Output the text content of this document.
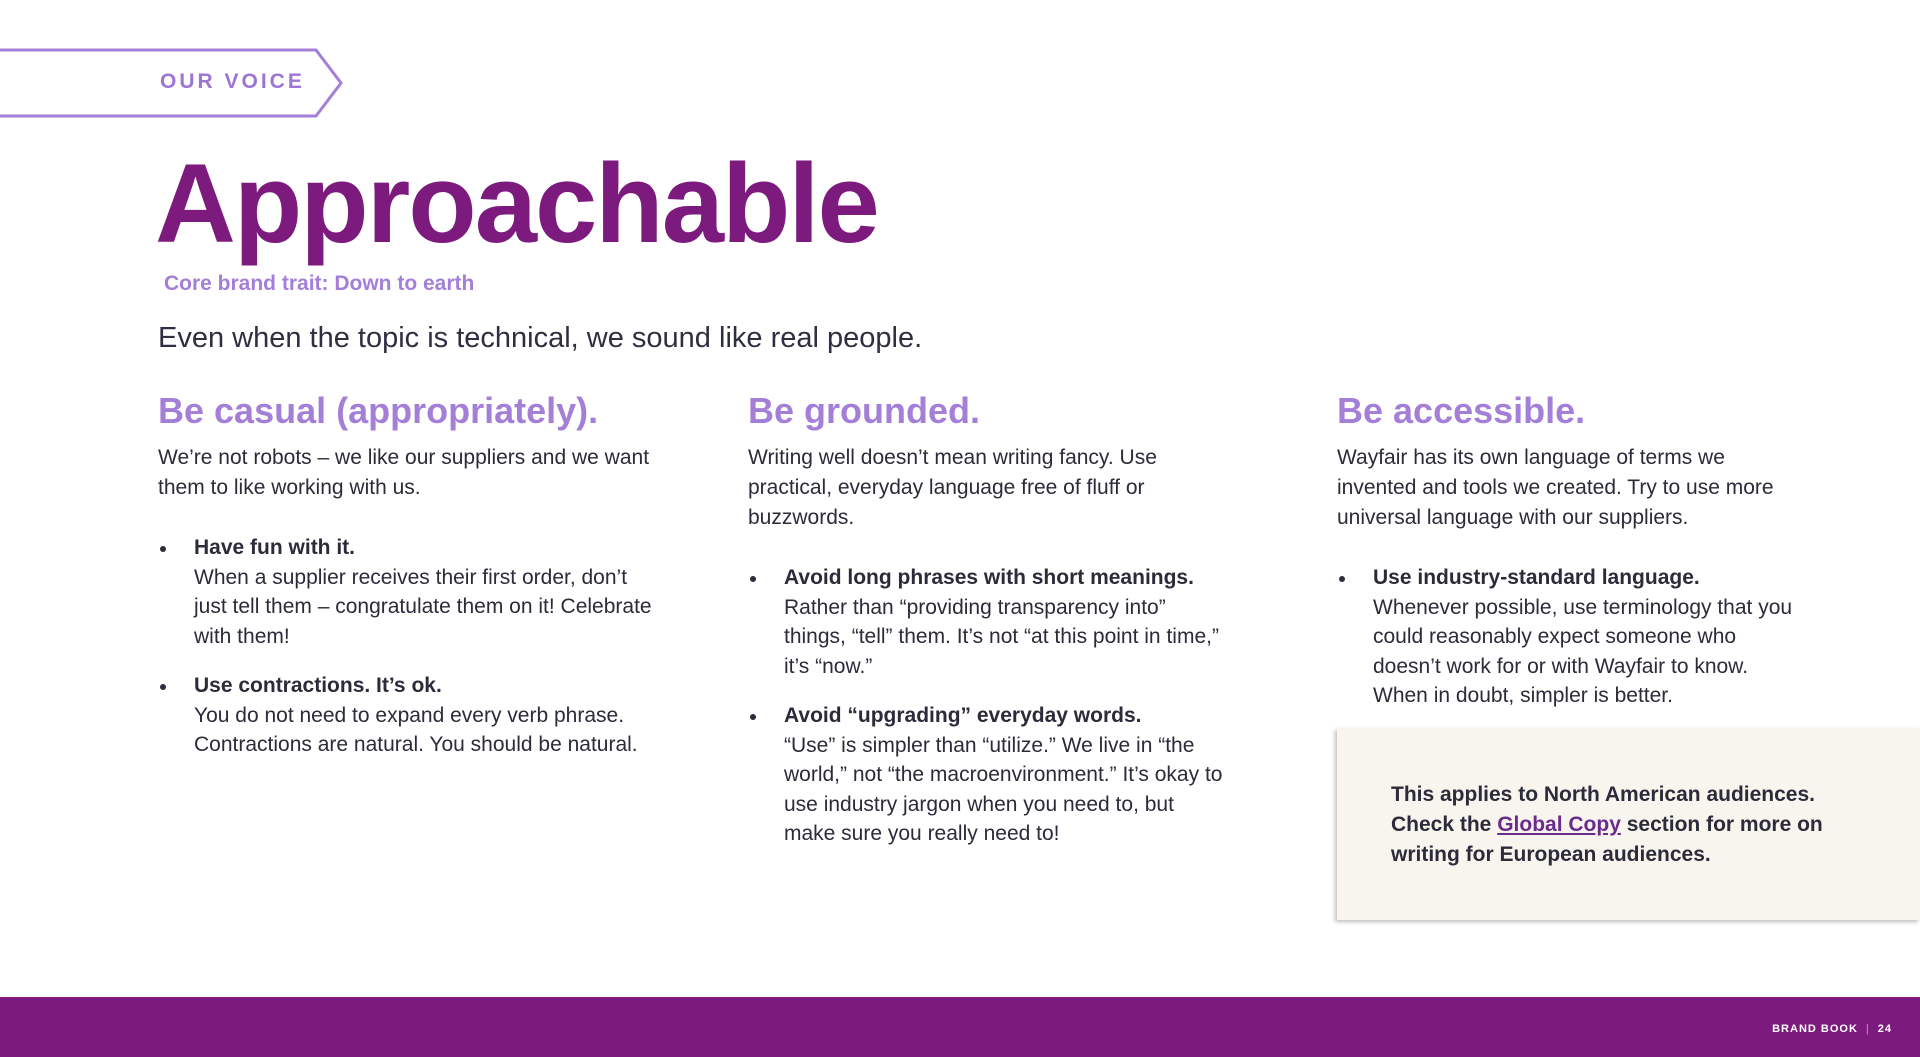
OUR VOICE
Approachable
Core brand trait: Down to earth
Even when the topic is technical, we sound like real people.
Be casual (appropriately).

We’re not robots – we like our suppliers and we want them to like working with us.

Have fun with it.
When a supplier receives their first order, don’t just tell them – congratulate them on it! Celebrate with them!
Use contractions. It’s ok.
You do not need to expand every verb phrase. Contractions are natural. You should be natural.
Be grounded.

Writing well doesn’t mean writing fancy. Use practical, everyday language free of fluff or buzzwords.

Avoid long phrases with short meanings.
Rather than “providing transparency into” things, “tell” them. It’s not “at this point in time,” it’s “now.”
Avoid “upgrading” everyday words.
“Use” is simpler than “utilize.” We live in “the world,” not “the macroenvironment.” It’s okay to use industry jargon when you need to, but make sure you really need to!
Be accessible.

Wayfair has its own language of terms we invented and tools we created. Try to use more universal language with our suppliers.

Use industry-standard language.
Whenever possible, use terminology that you could reasonably expect someone who doesn’t work for or with Wayfair to know. When in doubt, simpler is better.

This applies to North American audiences. Check the Global Copy section for more on writing for European audiences.

BRAND BOOK | 24
